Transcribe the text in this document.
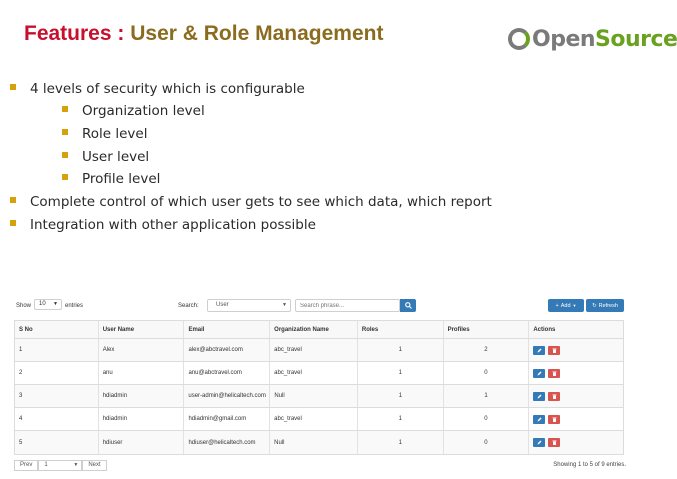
Features : User & Role Management	Open Source
4 levels of security which is configurable
Organization level
Role level
User level
Profile level
Complete control of which user gets to see which data, which report
Integration with other application possible
Show	10 ▼ entries	Search:	User	▼
Search phrase...	+ Add ▼	↻ Refresh
S No	User Name	Email	Organization Name	Roles	Profiles	Actions
1	Alex	alex@abctravel.com	abc_travel	1	2
2	anu	anu@abctravel.com	abc_travel	1	0
3	hdiadmin	user-admin@helicaltech.com	Null	1	1
4	hdiadmin	hdiadmin@gmail.com	abc_travel	1	0
5	hdiuser	hdiuser@helicaltech.com	Null	1	0
Prev	1	▼	Next	Showing 1 to 5 of 9 entries.
